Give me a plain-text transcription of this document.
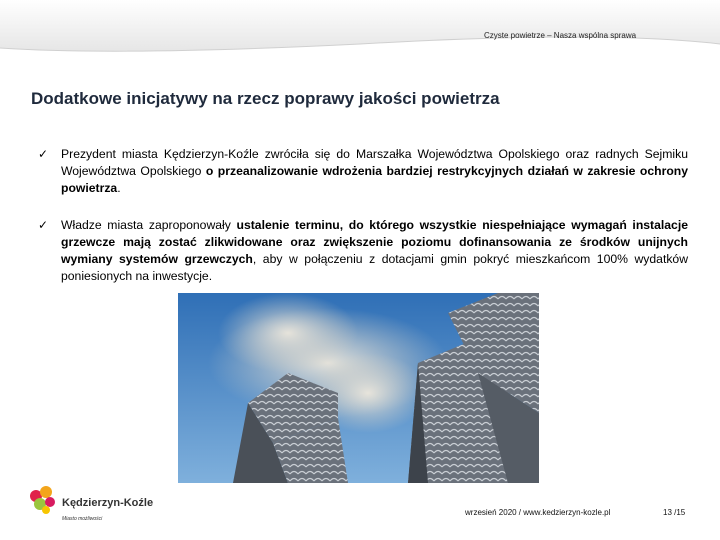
Czyste powietrze – Nasza wspólna sprawa
Dodatkowe inicjatywy na rzecz poprawy jakości powietrza
✓ Prezydent miasta Kędzierzyn-Koźle zwróciła się do Marszałka Województwa Opolskiego oraz radnych Sejmiku Województwa Opolskiego o przeanalizowanie wdrożenia bardziej restrykcyjnych działań w zakresie ochrony powietrza.
✓ Władze miasta zaproponowały ustalenie terminu, do którego wszystkie niespełniające wymagań instalacje grzewcze mają zostać zlikwidowane oraz zwiększenie poziomu dofinansowania ze środków unijnych wymiany systemów grzewczych, aby w połączeniu z dotacjami gmin pokryć mieszkańcom 100% wydatków poniesionych na inwestycje.
Kędzierzyn-Koźle
Miasto możliwości
wrzesień 2020 / www.kedzierzyn-kozle.pl	13 /15
